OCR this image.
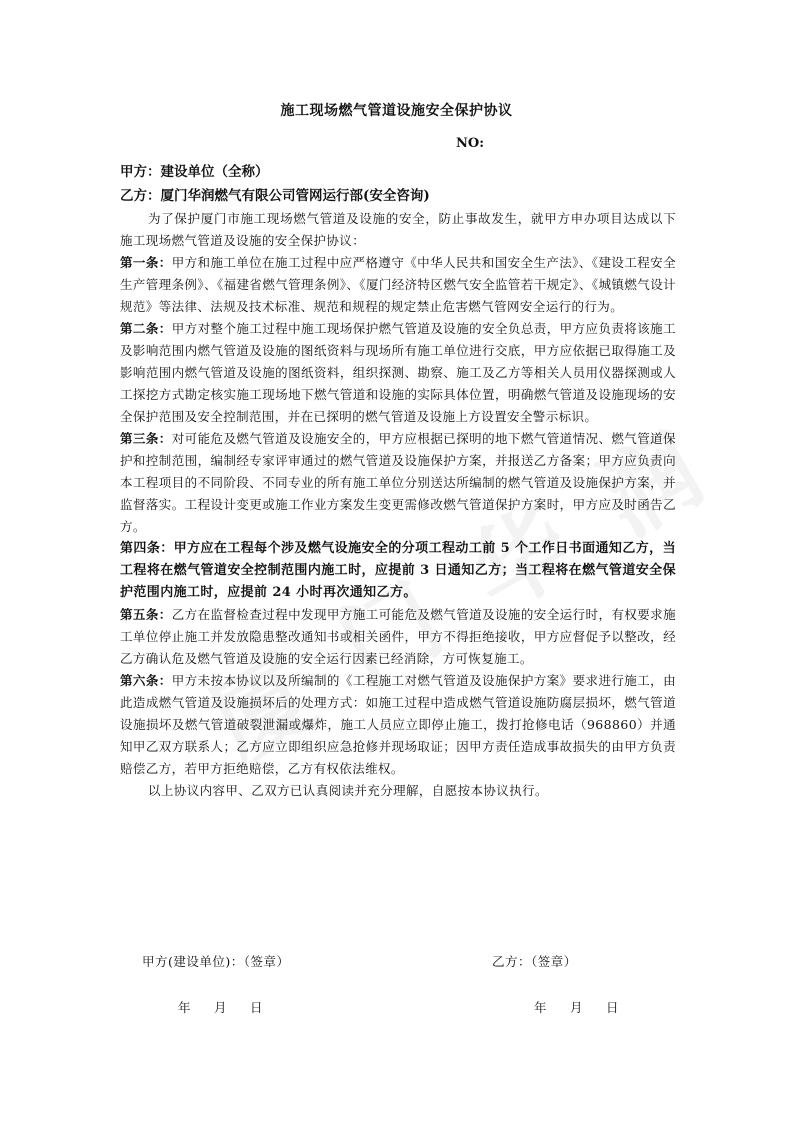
施工现场燃气管道设施安全保护协议
NO:
甲方：建设单位（全称）
乙方：厦门华润燃气有限公司管网运行部(安全咨询)
为了保护厦门市施工现场燃气管道及设施的安全，防止事故发生，就甲方申办项目达成以下施工现场燃气管道及设施的安全保护协议：
第一条：甲方和施工单位在施工过程中应严格遵守《中华人民共和国安全生产法》、《建设工程安全生产管理条例》、《福建省燃气管理条例》、《厦门经济特区燃气安全监管若干规定》、《城镇燃气设计规范》等法律、法规及技术标准、规范和规程的规定禁止危害燃气管网安全运行的行为。
第二条：甲方对整个施工过程中施工现场保护燃气管道及设施的安全负总责，甲方应负责将该施工及影响范围内燃气管道及设施的图纸资料与现场所有施工单位进行交底，甲方应依据已取得施工及影响范围内燃气管道及设施的图纸资料，组织探测、勘察、施工及乙方等相关人员用仪器探测或人工探挖方式勘定核实施工现场地下燃气管道和设施的实际具体位置，明确燃气管道及设施现场的安全保护范围及安全控制范围，并在已探明的燃气管道及设施上方设置安全警示标识。
第三条：对可能危及燃气管道及设施安全的，甲方应根据已探明的地下燃气管道情况、燃气管道保护和控制范围，编制经专家评审通过的燃气管道及设施保护方案，并报送乙方备案；甲方应负责向本工程项目的不同阶段、不同专业的所有施工单位分别送达所编制的燃气管道及设施保护方案，并监督落实。工程设计变更或施工作业方案发生变更需修改燃气管道保护方案时，甲方应及时函告乙方。
第四条：甲方应在工程每个涉及燃气设施安全的分项工程动工前 5 个工作日书面通知乙方，当工程将在燃气管道安全控制范围内施工时，应提前 3 日通知乙方；当工程将在燃气管道安全保护范围内施工时，应提前 24 小时再次通知乙方。
第五条：乙方在监督检查过程中发现甲方施工可能危及燃气管道及设施的安全运行时，有权要求施工单位停止施工并发放隐患整改通知书或相关函件，甲方不得拒绝接收，甲方应督促予以整改，经乙方确认危及燃气管道及设施的安全运行因素已经消除，方可恢复施工。
第六条：甲方未按本协议以及所编制的《工程施工对燃气管道及设施保护方案》要求进行施工，由此造成燃气管道及设施损坏后的处理方式：如施工过程中造成燃气管道设施防腐层损坏，燃气管道设施损坏及燃气管道破裂泄漏或爆炸，施工人员应立即停止施工，拨打抢修电话（968860）并通知甲乙双方联系人；乙方应立即组织应急抢修并现场取证；因甲方责任造成事故损失的由甲方负责赔偿乙方，若甲方拒绝赔偿，乙方有权依法维权。
以上协议内容甲、乙双方已认真阅读并充分理解，自愿按本协议执行。
甲方(建设单位)：（签章）	乙方：（签章）
年 月 日	年 月 日
